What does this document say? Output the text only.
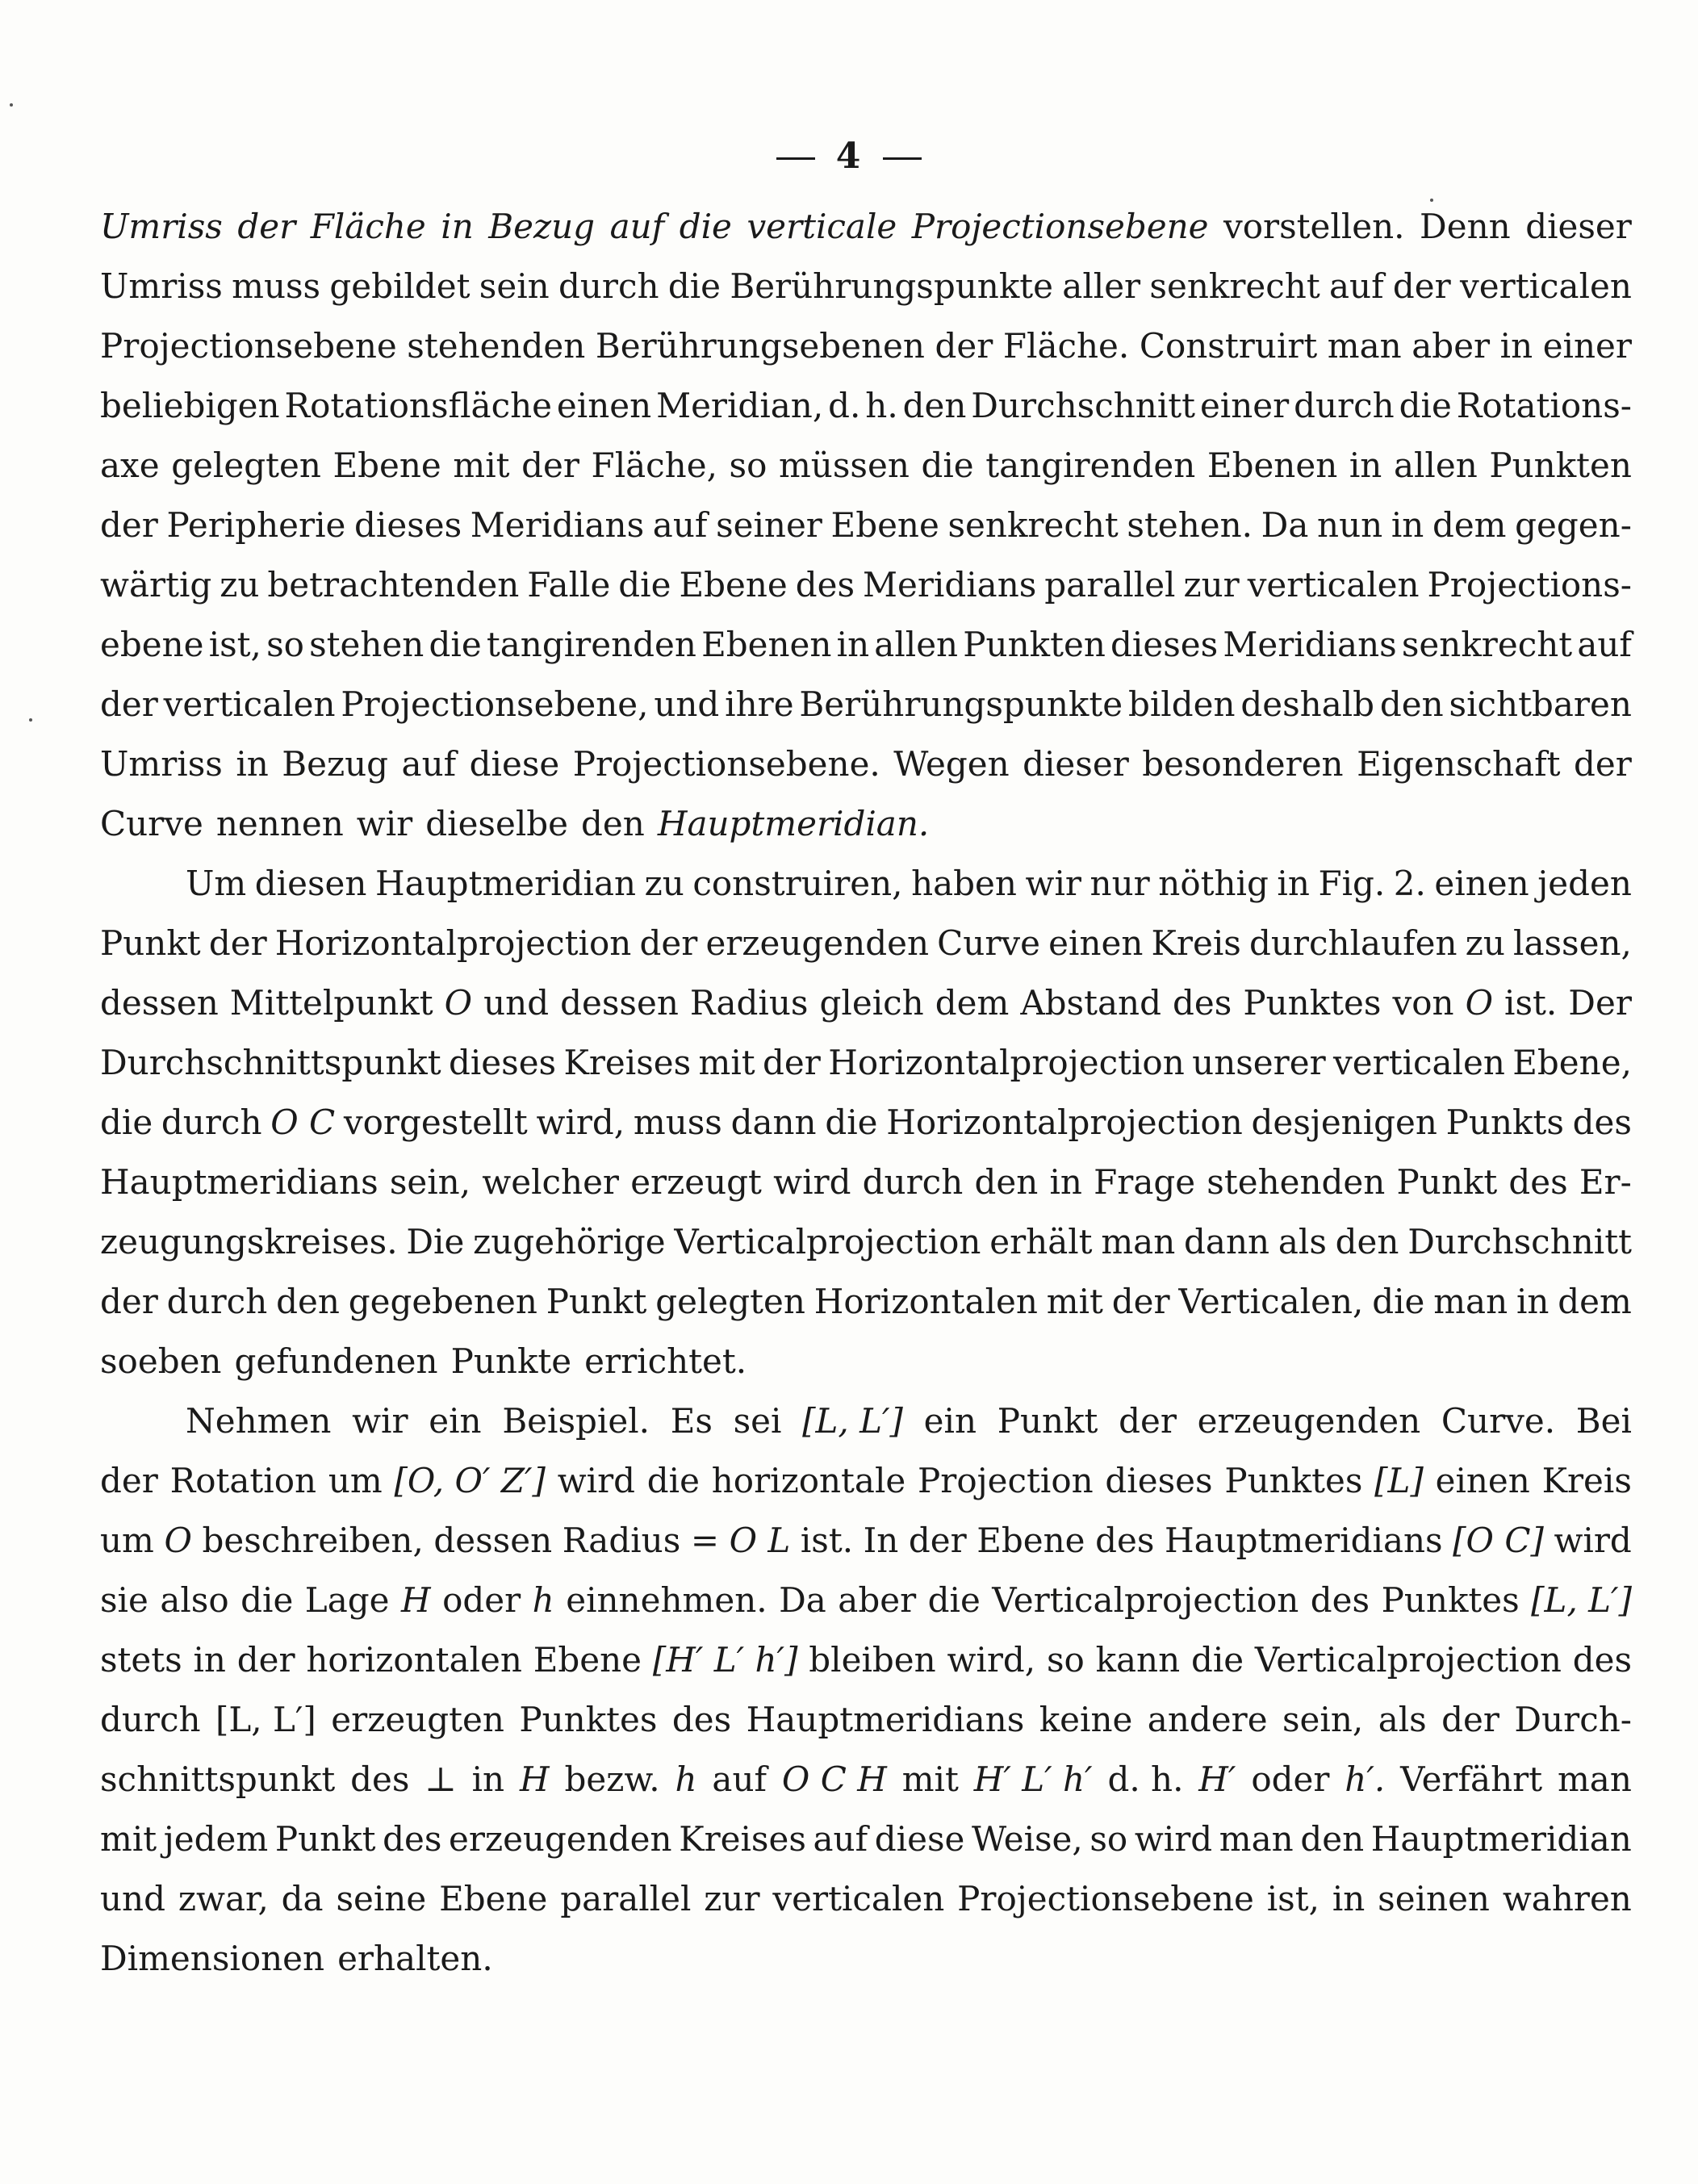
4
Umriss der Fläche in Bezug auf die verticale Projectionsebene vorstellen. Denn dieser
Umriss muss gebildet sein durch die Berührungspunkte aller senkrecht auf der verticalen
Projectionsebene stehenden Berührungsebenen der Fläche. Construirt man aber in einer
beliebigen Rotationsfläche einen Meridian, d. h. den Durchschnitt einer durch die Rotations-
axe gelegten Ebene mit der Fläche, so müssen die tangirenden Ebenen in allen Punkten
der Peripherie dieses Meridians auf seiner Ebene senkrecht stehen. Da nun in dem gegen-
wärtig zu betrachtenden Falle die Ebene des Meridians parallel zur verticalen Projections-
ebene ist, so stehen die tangirenden Ebenen in allen Punkten dieses Meridians senkrecht auf
der verticalen Projectionsebene, und ihre Berührungspunkte bilden deshalb den sichtbaren
Umriss in Bezug auf diese Projectionsebene. Wegen dieser besonderen Eigenschaft der
Curve nennen wir dieselbe den Hauptmeridian.
Um diesen Hauptmeridian zu construiren, haben wir nur nöthig in Fig. 2. einen jeden
Punkt der Horizontalprojection der erzeugenden Curve einen Kreis durchlaufen zu lassen,
dessen Mittelpunkt O und dessen Radius gleich dem Abstand des Punktes von O ist. Der
Durchschnittspunkt dieses Kreises mit der Horizontalprojection unserer verticalen Ebene,
die durch O C vorgestellt wird, muss dann die Horizontalprojection desjenigen Punkts des
Hauptmeridians sein, welcher erzeugt wird durch den in Frage stehenden Punkt des Er-
zeugungskreises. Die zugehörige Verticalprojection erhält man dann als den Durchschnitt
der durch den gegebenen Punkt gelegten Horizontalen mit der Verticalen, die man in dem
soeben gefundenen Punkte errichtet.
Nehmen wir ein Beispiel. Es sei [L, L′] ein Punkt der erzeugenden Curve. Bei
der Rotation um [O, O′ Z′] wird die horizontale Projection dieses Punktes [L] einen Kreis
um O beschreiben, dessen Radius = O L ist. In der Ebene des Hauptmeridians [O C] wird
sie also die Lage H oder h einnehmen. Da aber die Verticalprojection des Punktes [L, L′]
stets in der horizontalen Ebene [H′ L′ h′] bleiben wird, so kann die Verticalprojection des
durch [L, L′] erzeugten Punktes des Hauptmeridians keine andere sein, als der Durch-
schnittspunkt des ⊥ in H bezw. h auf O C H mit H′ L′ h′ d. h. H′ oder h′. Verfährt man
mit jedem Punkt des erzeugenden Kreises auf diese Weise, so wird man den Hauptmeridian
und zwar, da seine Ebene parallel zur verticalen Projectionsebene ist, in seinen wahren
Dimensionen erhalten.
